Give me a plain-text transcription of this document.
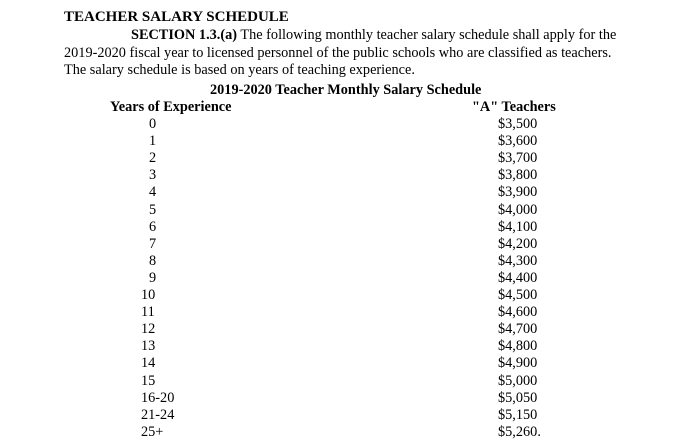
TEACHER SALARY SCHEDULE
SECTION 1.3.(a) The following monthly teacher salary schedule shall apply for the
2019-2020 fiscal year to licensed personnel of the public schools who are classified as teachers.
The salary schedule is based on years of teaching experience.
2019-2020 Teacher Monthly Salary Schedule
Years of Experience	"A" Teachers
0	$3,500
1	$3,600
2	$3,700
3	$3,800
4	$3,900
5	$4,000
6	$4,100
7	$4,200
8	$4,300
9	$4,400
10	$4,500
11	$4,600
12	$4,700
13	$4,800
14	$4,900
15	$5,000
16-20	$5,050
21-24	$5,150
25+	$5,260.
